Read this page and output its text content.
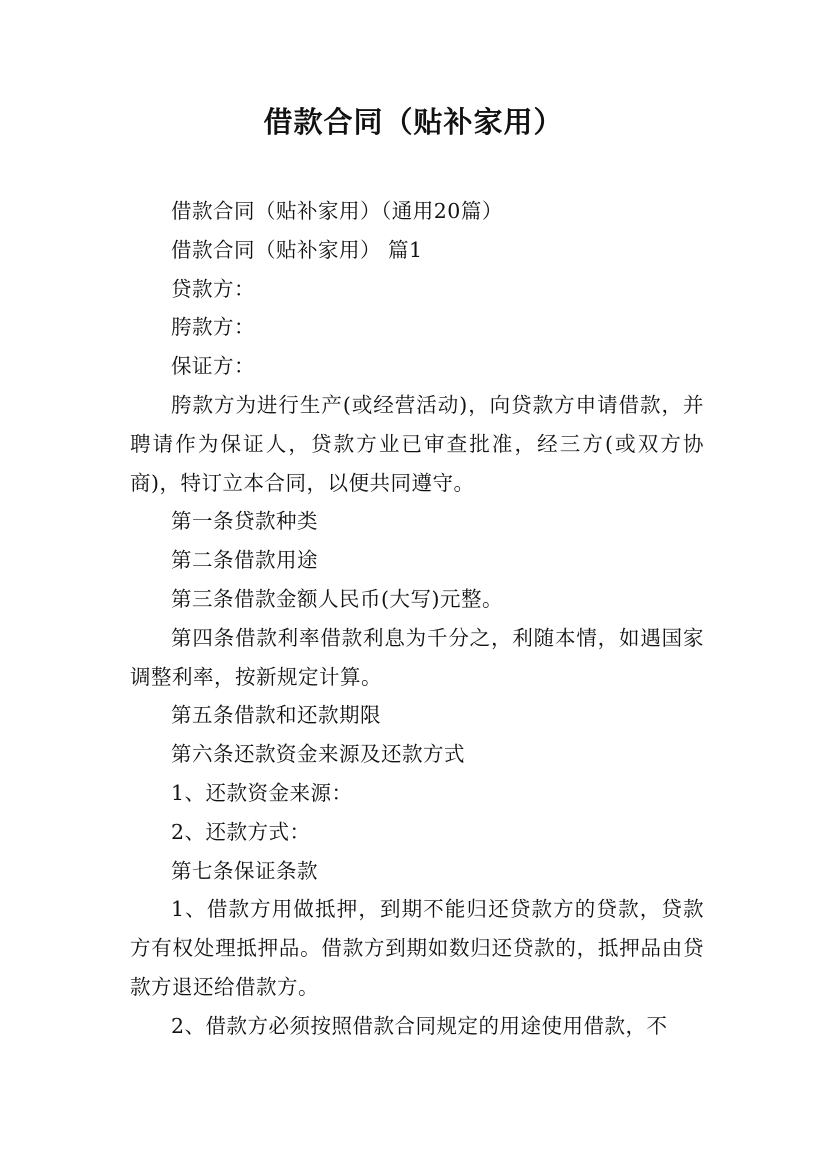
借款合同（贴补家用）

借款合同（贴补家用）（通用20篇）

借款合同（贴补家用） 篇1

贷款方：

胯款方：

保证方：

胯款方为进行生产(或经营活动)，向贷款方申请借款，并聘请作为保证人，贷款方业已审查批准，经三方(或双方协商)，特订立本合同，以便共同遵守。

第一条贷款种类

第二条借款用途

第三条借款金额人民币(大写)元整。

第四条借款利率借款利息为千分之，利随本情，如遇国家调整利率，按新规定计算。

第五条借款和还款期限

第六条还款资金来源及还款方式

1、还款资金来源：

2、还款方式：

第七条保证条款

1、借款方用做抵押，到期不能归还贷款方的贷款，贷款方有权处理抵押品。借款方到期如数归还贷款的，抵押品由贷款方退还给借款方。

2、借款方必须按照借款合同规定的用途使用借款，不
